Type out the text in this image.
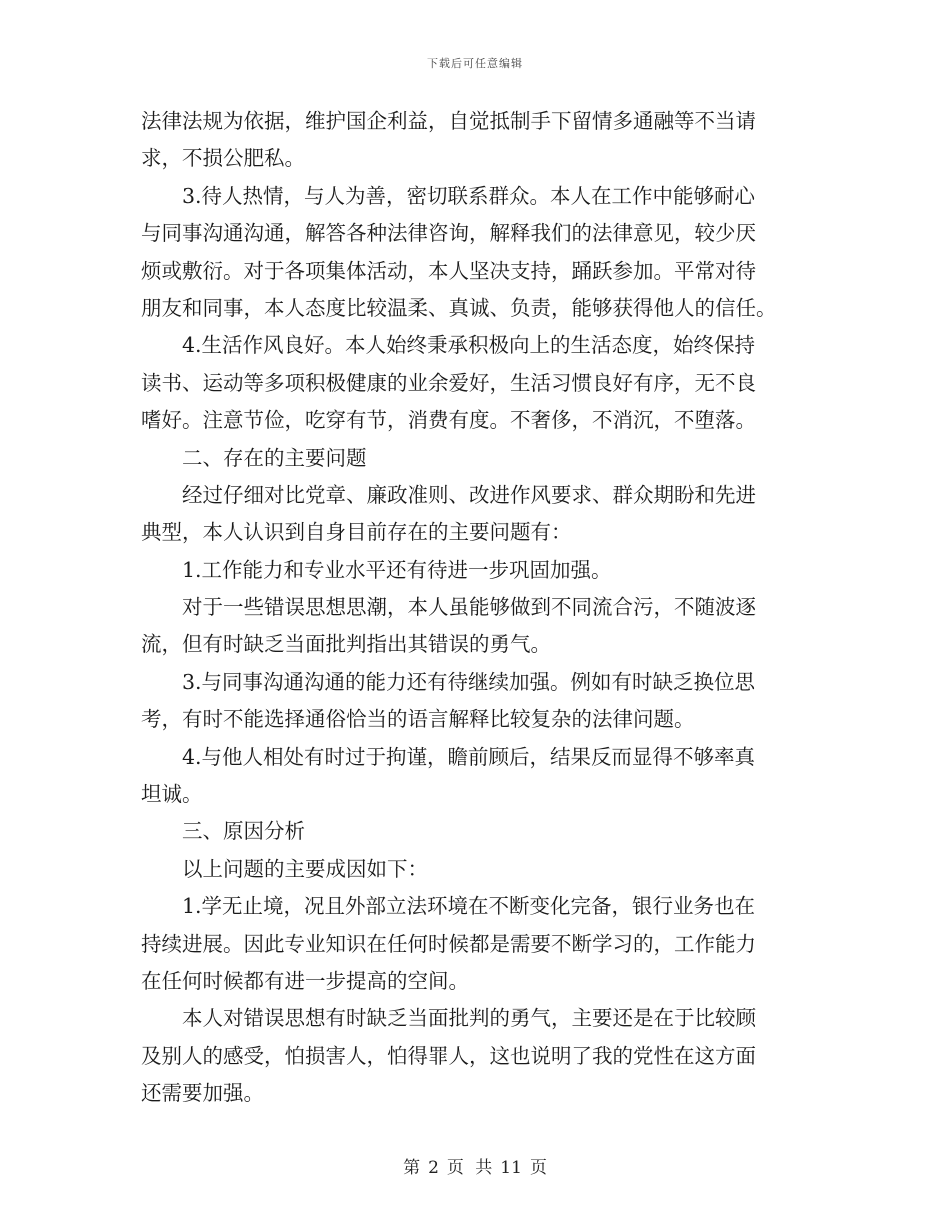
下载后可任意编辑
法律法规为依据，维护国企利益，自觉抵制手下留情多通融等不当请
求，不损公肥私。
3.待人热情，与人为善，密切联系群众。本人在工作中能够耐心
与同事沟通沟通，解答各种法律咨询，解释我们的法律意见，较少厌
烦或敷衍。对于各项集体活动，本人坚决支持，踊跃参加。平常对待
朋友和同事，本人态度比较温柔、真诚、负责，能够获得他人的信任。
4.生活作风良好。本人始终秉承积极向上的生活态度，始终保持
读书、运动等多项积极健康的业余爱好，生活习惯良好有序，无不良
嗜好。注意节俭，吃穿有节，消费有度。不奢侈，不消沉，不堕落。
二、存在的主要问题
经过仔细对比党章、廉政准则、改进作风要求、群众期盼和先进
典型，本人认识到自身目前存在的主要问题有：
1.工作能力和专业水平还有待进一步巩固加强。
对于一些错误思想思潮，本人虽能够做到不同流合污，不随波逐
流，但有时缺乏当面批判指出其错误的勇气。
3.与同事沟通沟通的能力还有待继续加强。例如有时缺乏换位思
考，有时不能选择通俗恰当的语言解释比较复杂的法律问题。
4.与他人相处有时过于拘谨，瞻前顾后，结果反而显得不够率真
坦诚。
三、原因分析
以上问题的主要成因如下：
1.学无止境，况且外部立法环境在不断变化完备，银行业务也在
持续进展。因此专业知识在任何时候都是需要不断学习的，工作能力
在任何时候都有进一步提高的空间。
本人对错误思想有时缺乏当面批判的勇气，主要还是在于比较顾
及别人的感受，怕损害人，怕得罪人，这也说明了我的党性在这方面
还需要加强。
第 2 页 共 11 页
